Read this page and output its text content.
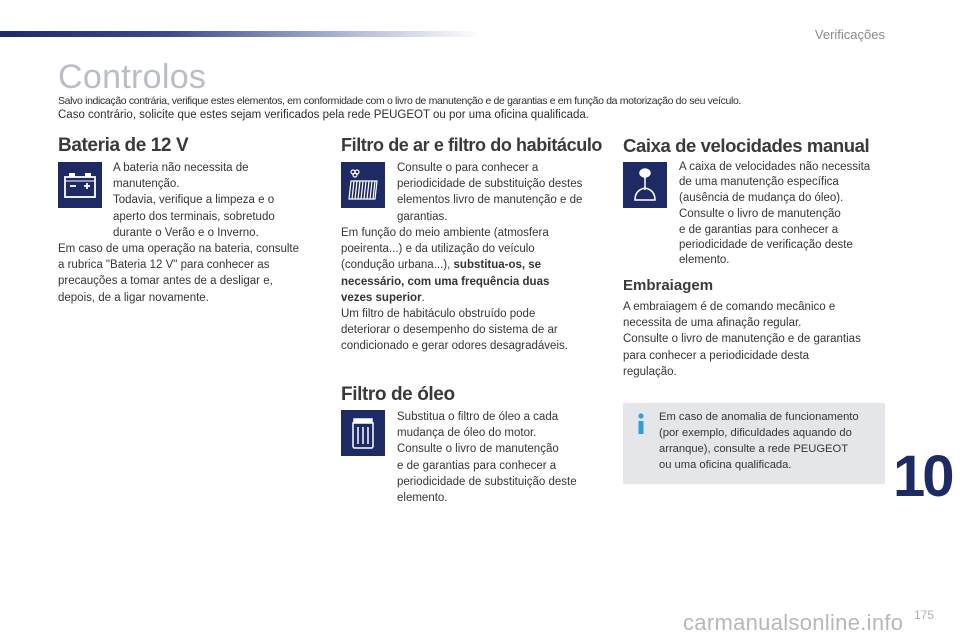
Verificações
Controlos
Salvo indicação contrária, verifique estes elementos, em conformidade com o livro de manutenção e de garantias e em função da motorização do seu veículo.
Caso contrário, solicite que estes sejam verificados pela rede PEUGEOT ou por uma oficina qualificada.
Bateria de 12 V

A bateria não necessita de

manutenção.

Todavia, verifique a limpeza e o

aperto dos terminais, sobretudo

durante o Verão e o Inverno.

Em caso de uma operação na bateria, consulte

a rubrica "Bateria 12 V" para conhecer as

precauções a tomar antes de a desligar e,

depois, de a ligar novamente.

Filtro de ar e filtro do habitáculo

Consulte o para conhecer a

periodicidade de substituição destes

elementos livro de manutenção e de

garantias.

Em função do meio ambiente (atmosfera

poeirenta...) e da utilização do veículo

(condução urbana...), substitua-os, se

necessário, com uma frequência duas

vezes superior.

Um filtro de habitáculo obstruído pode

deteriorar o desempenho do sistema de ar

condicionado e gerar odores desagradáveis.

Filtro de óleo

Substitua o filtro de óleo a cada

mudança de óleo do motor.

Consulte o livro de manutenção

e de garantias para conhecer a

periodicidade de substituição deste

elemento.

Caixa de velocidades manual

A caixa de velocidades não necessita

de uma manutenção específica

(ausência de mudança do óleo).

Consulte o livro de manutenção

e de garantias para conhecer a

periodicidade de verificação deste

elemento.

Embraiagem

A embraiagem é de comando mecânico e

necessita de uma afinação regular.

Consulte o livro de manutenção e de garantias

para conhecer a periodicidade desta

regulação.

Em caso de anomalia de funcionamento
(por exemplo, dificuldades aquando do
arranque), consulte a rede PEUGEOT
ou uma oficina qualificada.	10
carmanualsonline.info 175
